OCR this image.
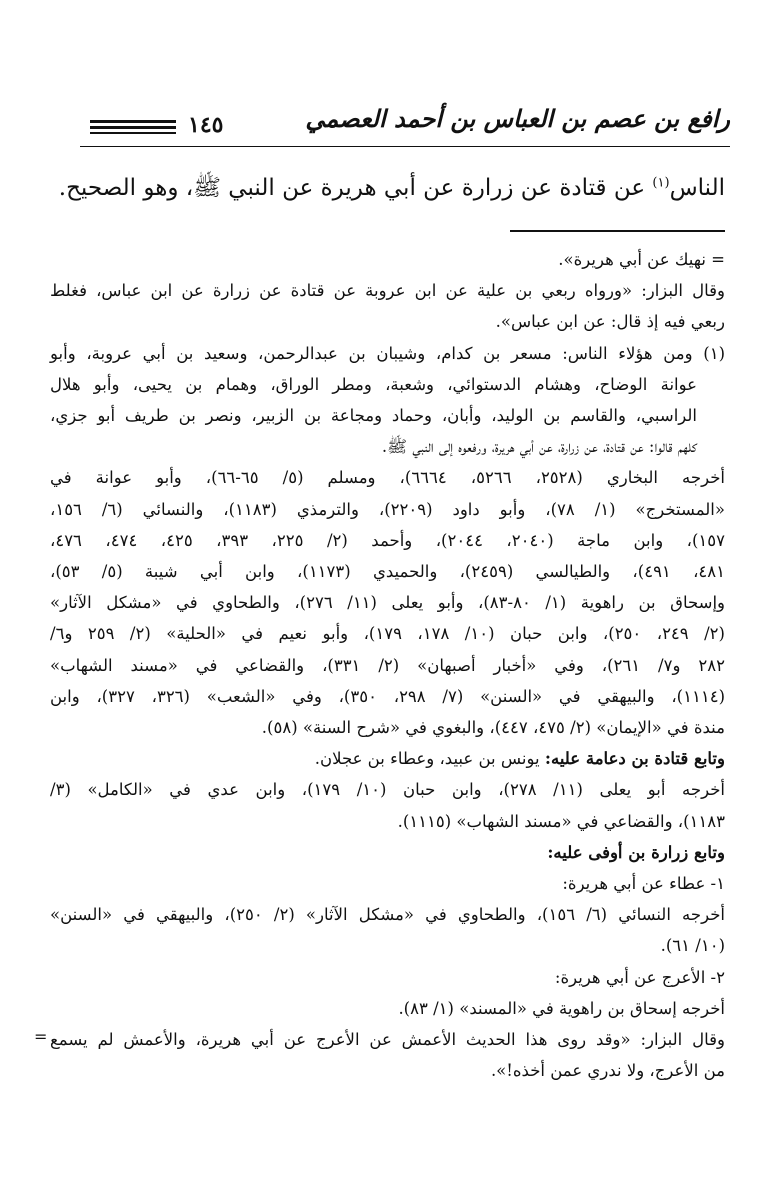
رافع بن عصم بن العباس بن أحمد العصمي
١٤٥
الناس$^{(١)}$ عن قتادة عن زرارة عن أبي هريرة عن النبي ﷺ، وهو الصحيح.
= نهيك عن أبي هريرة».
وقال البزار: «ورواه ربعي بن علية عن ابن عروبة عن قتادة عن زرارة عن ابن عباس، فغلط
ربعي فيه إذ قال: عن ابن عباس».
(١) ومن هؤلاء الناس: مسعر بن كدام، وشيبان بن عبدالرحمن، وسعيد بن أبي عروبة، وأبو
عوانة الوضاح، وهشام الدستوائي، وشعبة، ومطر الوراق، وهمام بن يحيى، وأبو هلال
الراسبي، والقاسم بن الوليد، وأبان، وحماد ومجاعة بن الزبير، ونصر بن طريف أبو جزي،
كلهم قالوا: عن قتادة، عن زرارة، عن أبي هريرة، ورفعوه إلى النبي ﷺ.
أخرجه البخاري (٢٥٢٨، ٥٢٦٦، ٦٦٦٤)، ومسلم (٥/ ٦٥-٦٦)، وأبو عوانة في
«المستخرج» (١/ ٧٨)، وأبو داود (٢٢٠٩)، والترمذي (١١٨٣)، والنسائي (٦/ ١٥٦،
١٥٧)، وابن ماجة (٢٠٤٠، ٢٠٤٤)، وأحمد (٢/ ٢٢٥، ٣٩٣، ٤٢٥، ٤٧٤، ٤٧٦،
٤٨١، ٤٩١)، والطيالسي (٢٤٥٩)، والحميدي (١١٧٣)، وابن أبي شيبة (٥/ ٥٣)،
وإسحاق بن راهوية (١/ ٨٠-٨٣)، وأبو يعلى (١١/ ٢٧٦)، والطحاوي في «مشكل الآثار»
(٢/ ٢٤٩، ٢٥٠)، وابن حبان (١٠/ ١٧٨، ١٧٩)، وأبو نعيم في «الحلية» (٢/ ٢٥٩ و٦/
٢٨٢ و٧/ ٢٦١)، وفي «أخبار أصبهان» (٢/ ٣٣١)، والقضاعي في «مسند الشهاب»
(١١١٤)، والبيهقي في «السنن» (٧/ ٢٩٨، ٣٥٠)، وفي «الشعب» (٣٢٦، ٣٢٧)، وابن
مندة في «الإيمان» (٢/ ٤٧٥، ٤٤٧)، والبغوي في «شرح السنة» (٥٨).
وتابع قتادة بن دعامة عليه: يونس بن عبيد، وعطاء بن عجلان.
أخرجه أبو يعلى (١١/ ٢٧٨)، وابن حبان (١٠/ ١٧٩)، وابن عدي في «الكامل» (٣/
١١٨٣)، والقضاعي في «مسند الشهاب» (١١١٥).
وتابع زرارة بن أوفى عليه:
١- عطاء عن أبي هريرة:
أخرجه النسائي (٦/ ١٥٦)، والطحاوي في «مشكل الآثار» (٢/ ٢٥٠)، والبيهقي في «السنن»
(١٠/ ٦١).
٢- الأعرج عن أبي هريرة:
أخرجه إسحاق بن راهوية في «المسند» (١/ ٨٣).
وقال البزار: «وقد روى هذا الحديث الأعمش عن الأعرج عن أبي هريرة، والأعمش لم يسمع
من الأعرج، ولا ندري عمن أخذه!».
=
